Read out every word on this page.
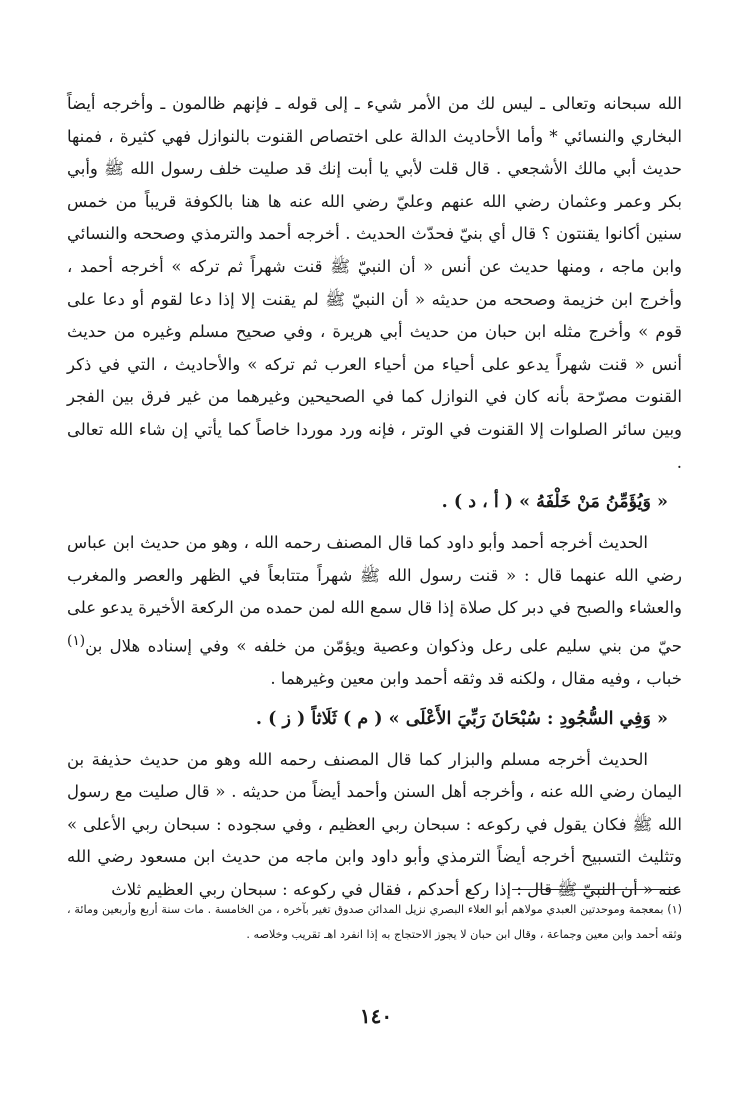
الله سبحانه وتعالى ـ ليس لك من الأمر شيء ـ إلى قوله ـ فإنهم ظالمون ـ وأخرجه أيضاً البخاري والنسائي * وأما الأحاديث الدالة على اختصاص القنوت بالنوازل فهي كثيرة ، فمنها حديث أبي مالك الأشجعي . قال قلت لأبي يا أبت إنك قد صليت خلف رسول الله ﷺ وأبي بكر وعمر وعثمان رضي الله عنهم وعليّ رضي الله عنه ها هنا بالكوفة قريباً من خمس سنين أكانوا يقنتون ؟ قال أي بنيّ فحدّث الحديث . أخرجه أحمد والترمذي وصححه والنسائي وابن ماجه ، ومنها حديث عن أنس « أن النبيّ ﷺ قنت شهراً ثم تركه » أخرجه أحمد ، وأخرج ابن خزيمة وصححه من حديثه « أن النبيّ ﷺ لم يقنت إلا إذا دعا لقوم أو دعا على قوم » وأخرج مثله ابن حبان من حديث أبي هريرة ، وفي صحيح مسلم وغيره من حديث أنس « قنت شهراً يدعو على أحياء من أحياء العرب ثم تركه » والأحاديث ، التي في ذكر القنوت مصرّحة بأنه كان في النوازل كما في الصحيحين وغيرهما من غير فرق بين الفجر وبين سائر الصلوات إلا القنوت في الوتر ، فإنه ورد موردا خاصاً كما يأتي إن شاء الله تعالى .

« وَيُؤَمِّنُ مَنْ خَلْفَهُ » ( أ ، د ) .

الحديث أخرجه أحمد وأبو داود كما قال المصنف رحمه الله ، وهو من حديث ابن عباس رضي الله عنهما قال : « قنت رسول الله ﷺ شهراً متتابعاً في الظهر والعصر والمغرب والعشاء والصبح في دبر كل صلاة إذا قال سمع الله لمن حمده من الركعة الأخيرة يدعو على حيّ من بني سليم على رعل وذكوان وعصية ويؤمّن من خلفه » وفي إسناده هلال بن$^{(١)}$ خباب ، وفيه مقال ، ولكنه قد وثقه أحمد وابن معين وغيرهما .

« وَفِي السُّجُودِ : سُبْحَانَ رَبِّيَ الأَعْلَى » ( م ) ثَلَاثاً ( ز ) .

الحديث أخرجه مسلم والبزار كما قال المصنف رحمه الله وهو من حديث حذيفة بن اليمان رضي الله عنه ، وأخرجه أهل السنن وأحمد أيضاً من حديثه . « قال صليت مع رسول الله ﷺ فكان يقول في ركوعه : سبحان ربي العظيم ، وفي سجوده : سبحان ربي الأعلى » وتثليث التسبيح أخرجه أيضاً الترمذي وأبو داود وابن ماجه من حديث ابن مسعود رضي الله عنه « أن النبيّ ﷺ قال : إذا ركع أحدكم ، فقال في ركوعه : سبحان ربي العظيم ثلاث

(١) بمعجمة وموحدتين العبدي مولاهم أبو العلاء البصري نزيل المدائن صدوق تغير بآخره ، من الخامسة . مات سنة أربع وأربعين ومائة ، وثقه أحمد وابن معين وجماعة ، وقال ابن حبان لا يجوز الاحتجاج به إذا انفرد اهـ تقريب وخلاصه .

١٤٠
